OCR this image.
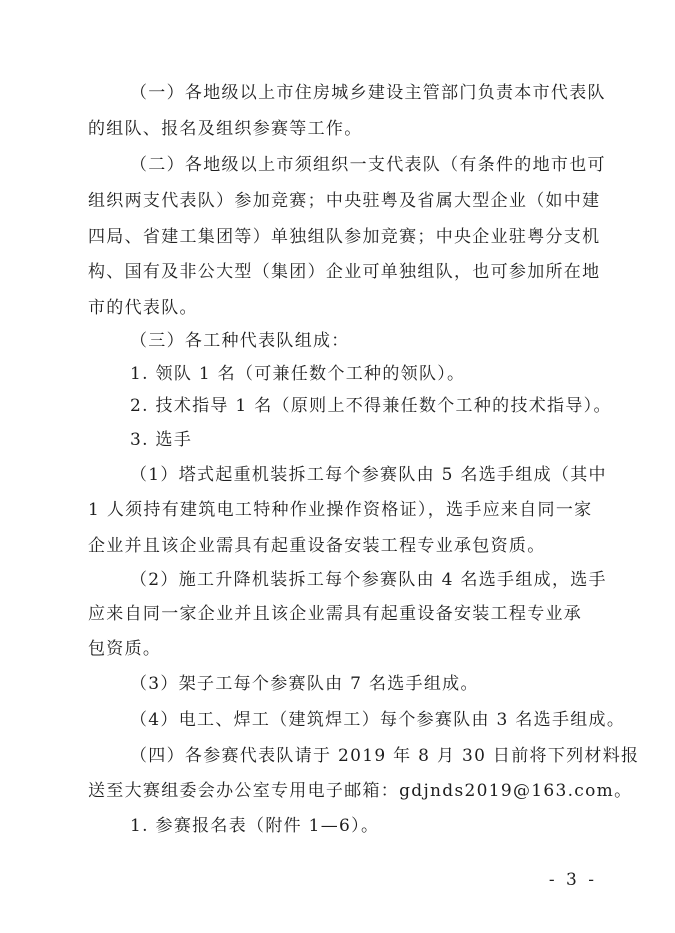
（一）各地级以上市住房城乡建设主管部门负责本市代表队
的组队、报名及组织参赛等工作。
（二）各地级以上市须组织一支代表队（有条件的地市也可
组织两支代表队）参加竞赛；中央驻粤及省属大型企业（如中建
四局、省建工集团等）单独组队参加竞赛；中央企业驻粤分支机
构、国有及非公大型（集团）企业可单独组队，也可参加所在地
市的代表队。
（三）各工种代表队组成：
1. 领队 1 名（可兼任数个工种的领队）。
2. 技术指导 1 名（原则上不得兼任数个工种的技术指导）。
3. 选手
（1）塔式起重机装拆工每个参赛队由 5 名选手组成（其中
1 人须持有建筑电工特种作业操作资格证），选手应来自同一家
企业并且该企业需具有起重设备安装工程专业承包资质。
（2）施工升降机装拆工每个参赛队由 4 名选手组成，选手
应来自同一家企业并且该企业需具有起重设备安装工程专业承
包资质。
（3）架子工每个参赛队由 7 名选手组成。
（4）电工、焊工（建筑焊工）每个参赛队由 3 名选手组成。
（四）各参赛代表队请于 2019 年 8 月 30 日前将下列材料报
送至大赛组委会办公室专用电子邮箱：gdjnds2019@163.com。
1. 参赛报名表（附件 1—6）。
- 3 -
